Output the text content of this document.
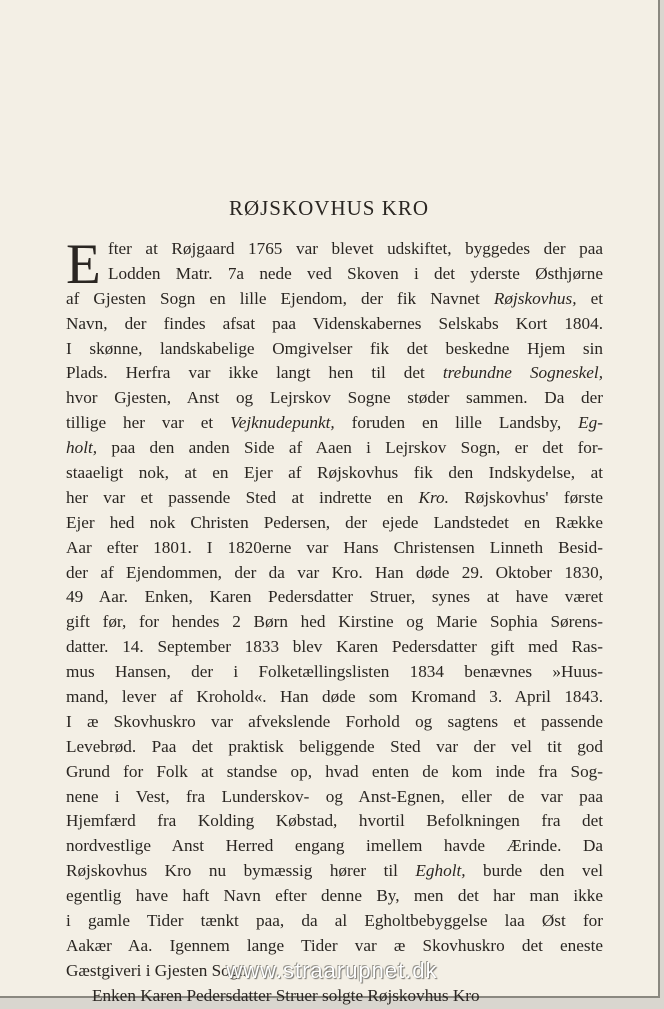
RØJSKOVHUS KRO
E fter at Røjgaard 1765 var blevet udskiftet, byggedes der paa
Lodden Matr. 7a nede ved Skoven i det yderste Østhjørne
af Gjesten Sogn en lille Ejendom, der fik Navnet Røjskovhus, et
Navn, der findes afsat paa Videnskabernes Selskabs Kort 1804.
I skønne, landskabelige Omgivelser fik det beskedne Hjem sin
Plads. Herfra var ikke langt hen til det trebundne Sogneskel,
hvor Gjesten, Anst og Lejrskov Sogne støder sammen. Da der
tillige her var et Vejknudepunkt, foruden en lille Landsby, Eg-
holt, paa den anden Side af Aaen i Lejrskov Sogn, er det for-
staaeligt nok, at en Ejer af Røjskovhus fik den Indskydelse, at
her var et passende Sted at indrette en Kro. Røjskovhus' første
Ejer hed nok Christen Pedersen, der ejede Landstedet en Række
Aar efter 1801. I 1820erne var Hans Christensen Linneth Besid-
der af Ejendommen, der da var Kro. Han døde 29. Oktober 1830,
49 Aar. Enken, Karen Pedersdatter Struer, synes at have været
gift før, for hendes 2 Børn hed Kirstine og Marie Sophia Sørens-
datter. 14. September 1833 blev Karen Pedersdatter gift med Ras-
mus Hansen, der i Folketællingslisten 1834 benævnes »Huus-
mand, lever af Krohold«. Han døde som Kromand 3. April 1843.
I æ Skovhuskro var afvekslende Forhold og sagtens et passende
Levebrød. Paa det praktisk beliggende Sted var der vel tit god
Grund for Folk at standse op, hvad enten de kom inde fra Sog-
nene i Vest, fra Lunderskov- og Anst-Egnen, eller de var paa
Hjemfærd fra Kolding Købstad, hvortil Befolkningen fra det
nordvestlige Anst Herred engang imellem havde Ærinde. Da
Røjskovhus Kro nu bymæssig hører til Egholt, burde den vel
egentlig have haft Navn efter denne By, men det har man ikke
i gamle Tider tænkt paa, da al Egholtbebyggelse laa Øst for
Aakær Aa. Igennem lange Tider var æ Skovhuskro det eneste
Gæstgiveri i Gjesten Sogn.
Enken Karen Pedersdatter Struer solgte Røjskovhus Kro
www.straarupnet.dk
